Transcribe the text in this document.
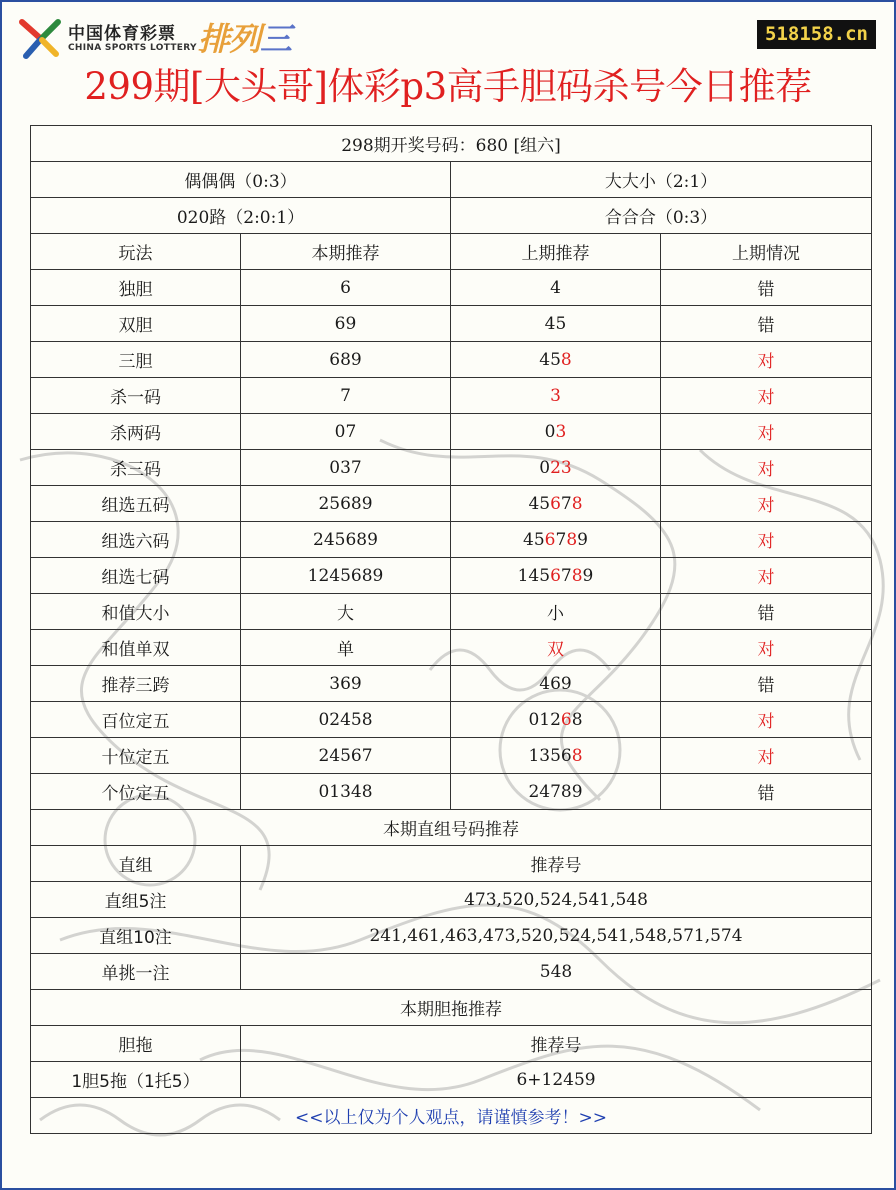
中国体育彩票
CHINA SPORTS LOTTERY 排列三	518158.cn
299期[大头哥]体彩p3高手胆码杀号今日推荐
298期开奖号码：680 [组六]			
偶偶偶（0:3）		大大小（2:1）	
020路（2:0:1）		合合合（0:3）	
玩法	本期推荐	上期推荐	上期情况
独胆	6	4	错
双胆	69	45	错
三胆	689	458	对
杀一码	7	3	对
杀两码	07	03	对
杀三码	037	023	对
组选五码	25689	45678	对
组选六码	245689	456789	对
组选七码	1245689	1456789	对
和值大小	大	小	错
和值单双	单	双	对
推荐三跨	369	469	错
百位定五	02458	01268	对
十位定五	24567	13568	对
个位定五	01348	24789	错
本期直组号码推荐			
直组	推荐号		
直组5注	473,520,524,541,548		
直组10注	241,461,463,473,520,524,541,548,571,574		
单挑一注	548		
本期胆拖推荐			
胆拖	推荐号		
1胆5拖（1托5）	6+12459		
<<以上仅为个人观点，请谨慎参考！>>			
